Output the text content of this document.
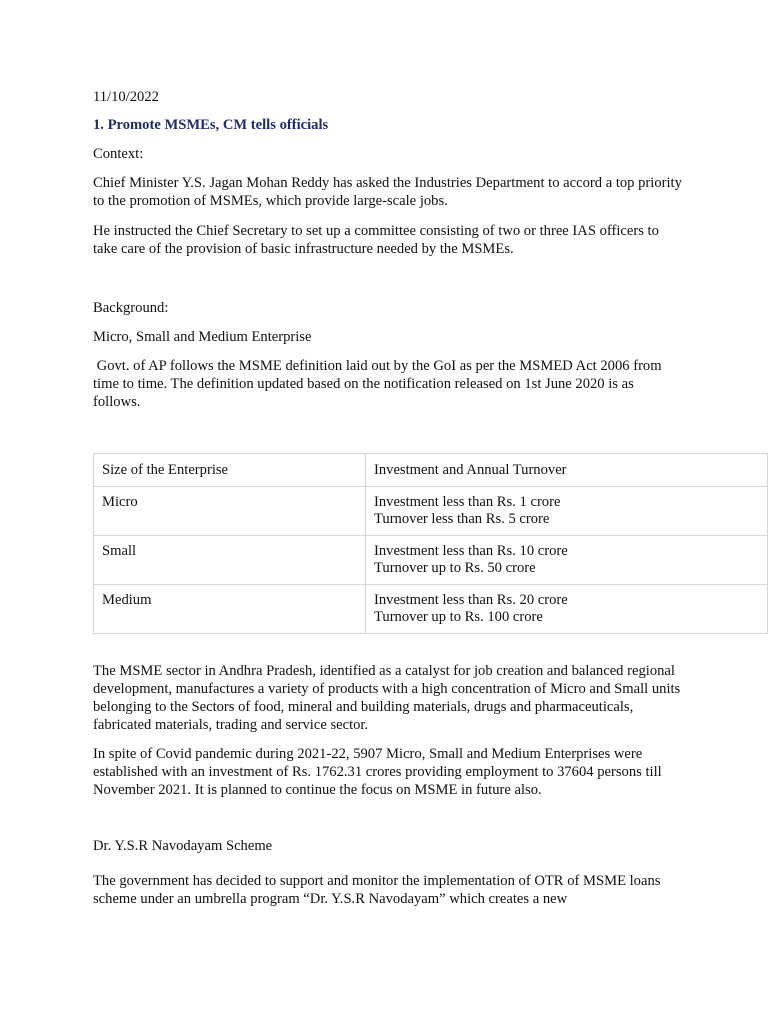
11/10/2022

1. Promote MSMEs, CM tells officials

Context:

Chief Minister Y.S. Jagan Mohan Reddy has asked the Industries Department to accord a top priority to the promotion of MSMEs, which provide large-scale jobs.

He instructed the Chief Secretary to set up a committee consisting of two or three IAS officers to take care of the provision of basic infrastructure needed by the MSMEs.

Background:

Micro, Small and Medium Enterprise

Govt. of AP follows the MSME definition laid out by the GoI as per the MSMED Act 2006 from time to time. The definition updated based on the notification released on 1st June 2020 is as follows.

Size of the Enterprise	Investment and Annual Turnover
Micro	Investment less than Rs. 1 crore
Turnover less than Rs. 5 crore

Small	Investment less than Rs. 10 crore
Turnover up to Rs. 50 crore

Medium	Investment less than Rs. 20 crore
Turnover up to Rs. 100 crore

The MSME sector in Andhra Pradesh, identified as a catalyst for job creation and balanced regional development, manufactures a variety of products with a high concentration of Micro and Small units belonging to the Sectors of food, mineral and building materials, drugs and pharmaceuticals, fabricated materials, trading and service sector.

In spite of Covid pandemic during 2021-22, 5907 Micro, Small and Medium Enterprises were established with an investment of Rs. 1762.31 crores providing employment to 37604 persons till November 2021. It is planned to continue the focus on MSME in future also.

Dr. Y.S.R Navodayam Scheme

The government has decided to support and monitor the implementation of OTR of MSME loans scheme under an umbrella program “Dr. Y.S.R Navodayam” which creates a new
